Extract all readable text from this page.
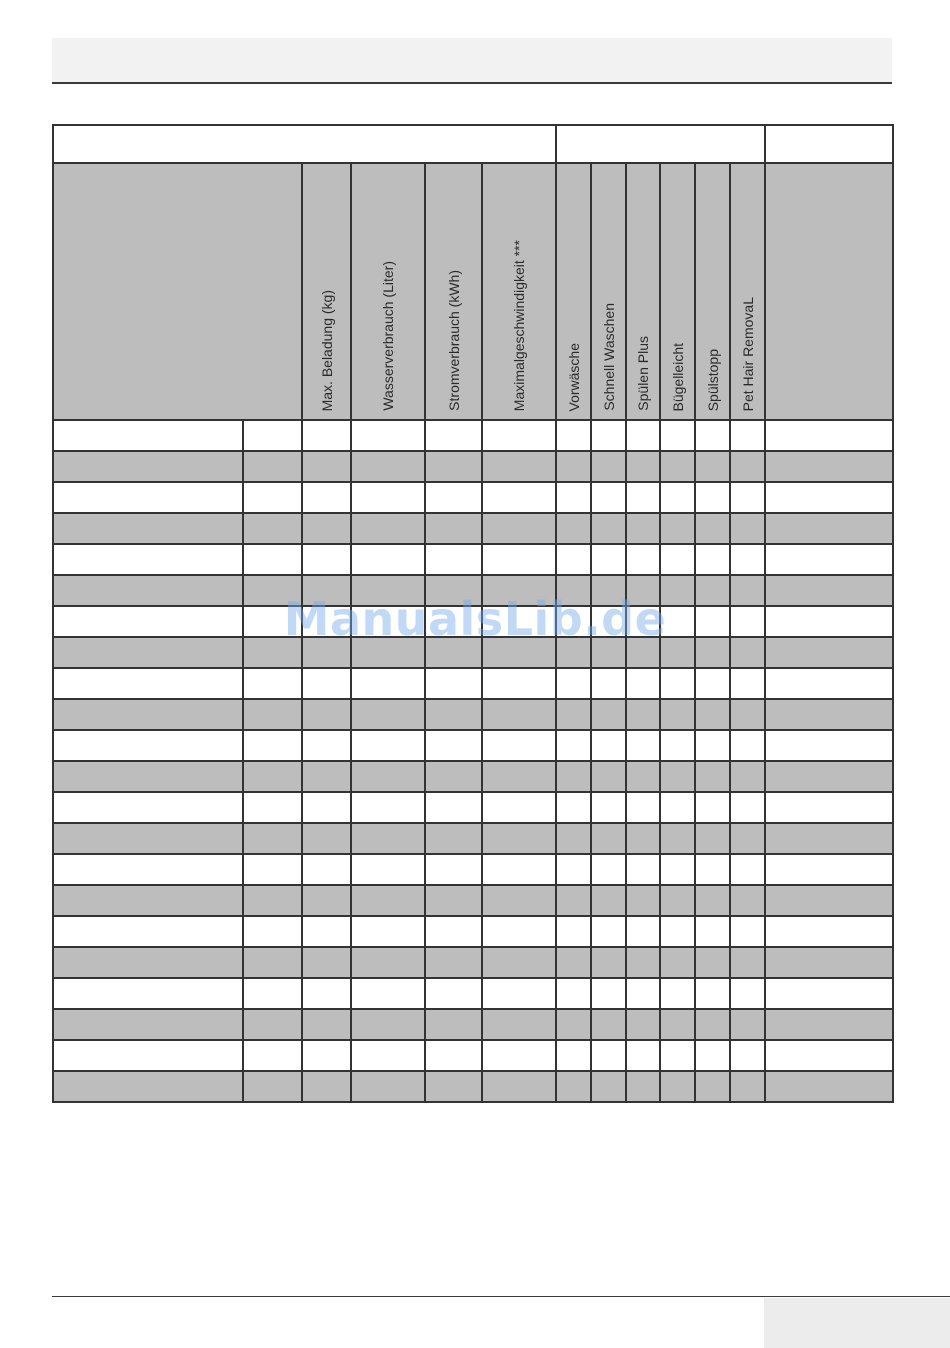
		Max. Beladung (kg)	Wasserverbrauch (Liter)	Stromverbrauch (kWh)	Maximalgeschwindigkeit ***	Vorwäsche	Schnell Waschen	Spülen Plus	Bügelleicht	Spülstopp	Pet Hair RemovaL	

ManualsLib.de
